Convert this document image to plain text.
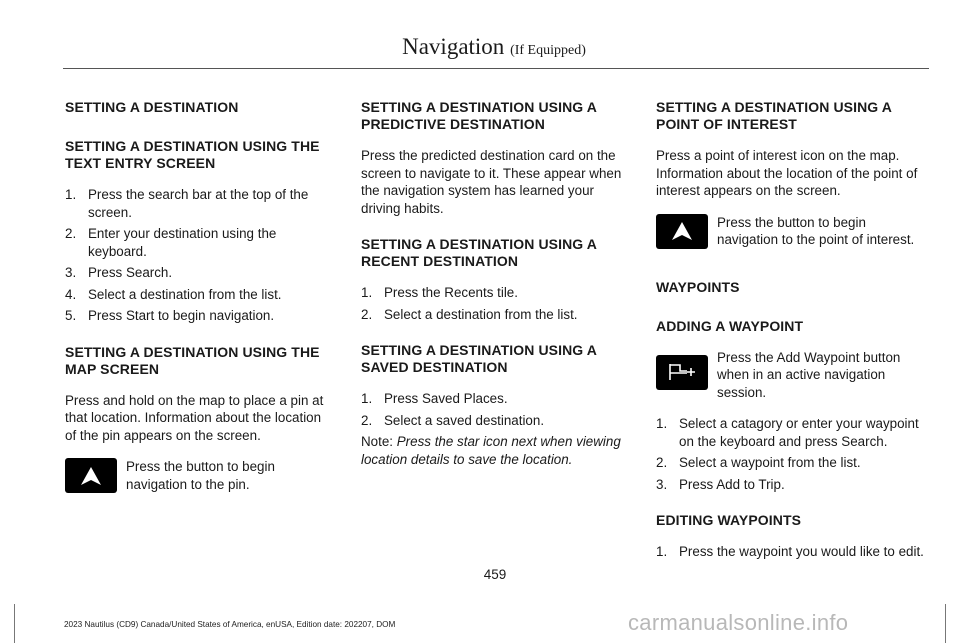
Navigation (If Equipped)
SETTING A DESTINATION
SETTING A DESTINATION USING THE TEXT ENTRY SCREEN
1. Press the search bar at the top of the screen.
2. Enter your destination using the keyboard.
3. Press Search.
4. Select a destination from the list.
5. Press Start to begin navigation.
SETTING A DESTINATION USING THE MAP SCREEN

Press and hold on the map to place a pin at that location. Information about the location of the pin appears on the screen.

Press the button to begin navigation to the pin.

SETTING A DESTINATION USING A PREDICTIVE DESTINATION

Press the predicted destination card on the screen to navigate to it. These appear when the navigation system has learned your driving habits.

SETTING A DESTINATION USING A RECENT DESTINATION
1. Press the Recents tile.
2. Select a destination from the list.
SETTING A DESTINATION USING A SAVED DESTINATION
1. Press Saved Places.
2. Select a saved destination.

Note: Press the star icon next when viewing location details to save the location.

SETTING A DESTINATION USING A POINT OF INTEREST

Press a point of interest icon on the map. Information about the location of the point of interest appears on the screen.

Press the button to begin navigation to the point of interest.

WAYPOINTS
ADDING A WAYPOINT

Press the Add Waypoint button when in an active navigation session.

1. Select a catagory or enter your waypoint on the keyboard and press Search.
2. Select a waypoint from the list.
3. Press Add to Trip.
EDITING WAYPOINTS
1. Press the waypoint you would like to edit.
459
2023 Nautilus (CD9) Canada/United States of America, enUSA, Edition date: 202207, DOM	carmanualsonline.info
